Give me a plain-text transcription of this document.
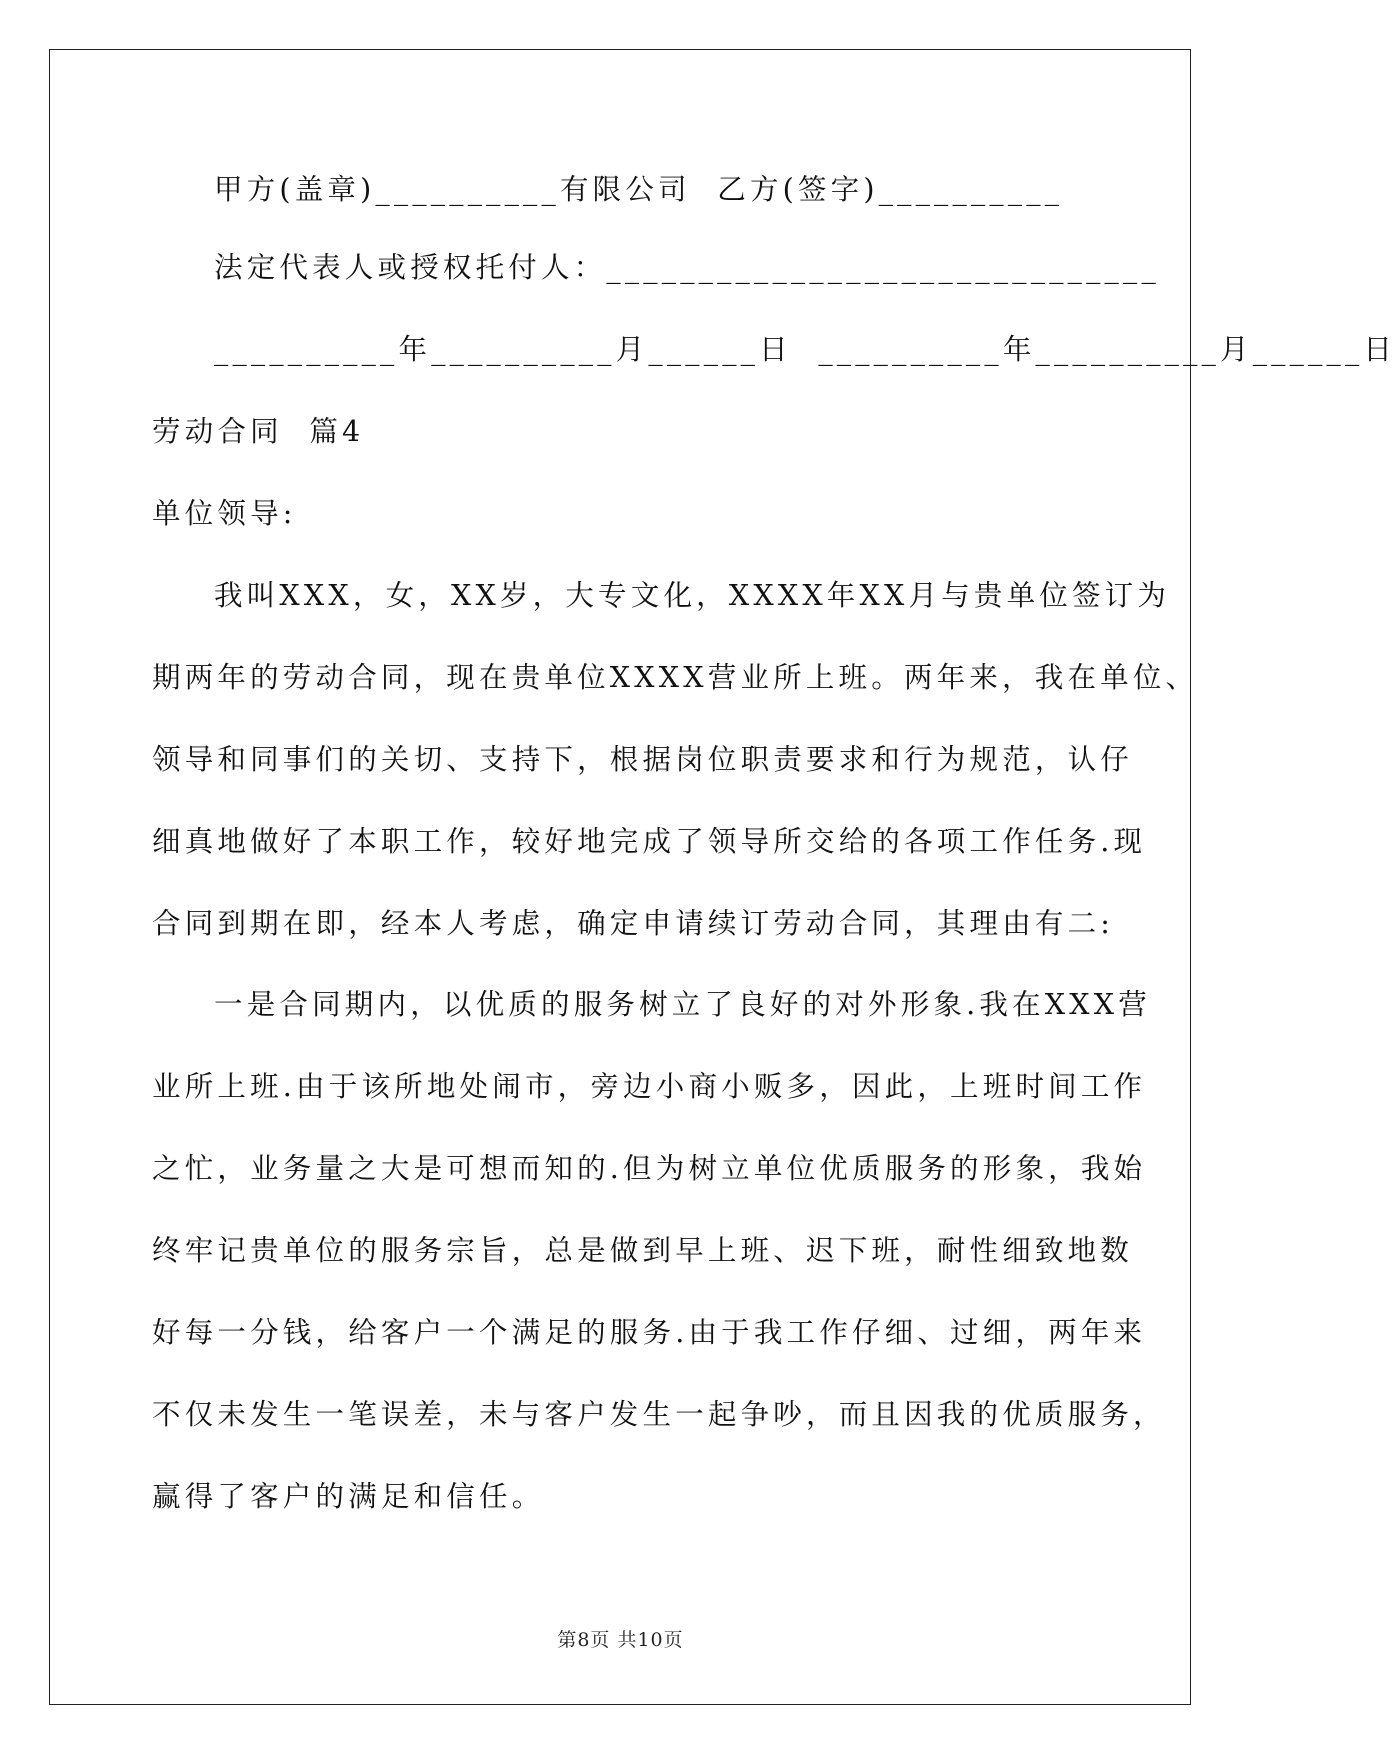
甲方(盖章)__________有限公司  乙方(签字)__________
法定代表人或授权托付人：______________________________
__________年__________月______日  __________年__________月______日
劳动合同  篇4
单位领导:
我叫XXX，女，XX岁，大专文化，XXXX年XX月与贵单位签订为
期两年的劳动合同，现在贵单位XXXX营业所上班。两年来，我在单位、
领导和同事们的关切、支持下，根据岗位职责要求和行为规范，认仔
细真地做好了本职工作，较好地完成了领导所交给的各项工作任务.现
合同到期在即，经本人考虑，确定申请续订劳动合同，其理由有二:
一是合同期内，以优质的服务树立了良好的对外形象.我在XXX营
业所上班.由于该所地处闹市，旁边小商小贩多，因此，上班时间工作
之忙，业务量之大是可想而知的.但为树立单位优质服务的形象，我始
终牢记贵单位的服务宗旨，总是做到早上班、迟下班，耐性细致地数
好每一分钱，给客户一个满足的服务.由于我工作仔细、过细，两年来
不仅未发生一笔误差，未与客户发生一起争吵，而且因我的优质服务，
赢得了客户的满足和信任。
第8页 共10页
